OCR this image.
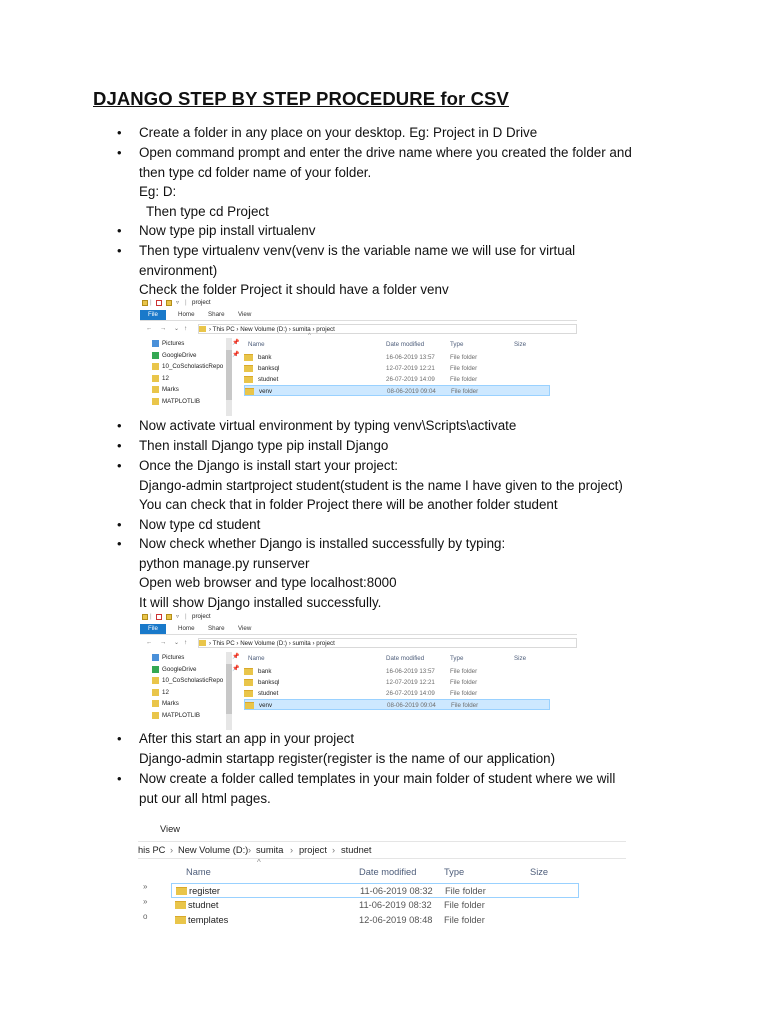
DJANGO STEP BY STEP PROCEDURE for CSV
• Create a folder in any place on your desktop. Eg: Project in D Drive
• Open command prompt and enter the drive name where you created the folder and
then type cd folder name of your folder.
Eg: D:
Then type cd Project
• Now type pip install virtualenv
• Then type virtualenv venv(venv is the variable name we will use for virtual
environment)
Check the folder Project it should have a folder venv
|	▿ | project
File	Home Share View
← → ⌄ ↑	› This PC › New Volume (D:) › sumita › project
Pictures	📌
GoogleDrive	📌
10_CoScholasticRepo
12
Marks
MATPLOTLIB
^
Name	Date modified	Type	Size
bank	16-06-2019 13:57 File folder
banksql	12-07-2019 12:21 File folder
studnet	26-07-2019 14:09 File folder
venv	08-06-2019 09:04 File folder
• Now activate virtual environment by typing venv\Scripts\activate
• Then install Django type pip install Django
• Once the Django is install start your project:
Django-admin startproject student(student is the name I have given to the project)
You can check that in folder Project there will be another folder student
• Now type cd student
• Now check whether Django is installed successfully by typing:
python manage.py runserver
Open web browser and type localhost:8000
It will show Django installed successfully.
|	▿ | project
File	Home Share View
← → ⌄ ↑	› This PC › New Volume (D:) › sumita › project
Pictures	📌
GoogleDrive	📌
10_CoScholasticRepo
12
Marks
MATPLOTLIB
Name	Date modified	Type	Size
bank	16-06-2019 13:57 File folder
banksql	12-07-2019 12:21 File folder
studnet	26-07-2019 14:09 File folder
venv	08-06-2019 09:04 File folder
• After this start an app in your project
Django-admin startapp register(register is the name of our application)
• Now create a folder called templates in your main folder of student where we will
put our all html pages.
View
his PC › New Volume (D:) › sumita › project › studnet
^
Name	Date modified	Type	Size
»
»
o
register	11-06-2019 08:32 File folder
studnet	11-06-2019 08:32 File folder
templates	12-06-2019 08:48 File folder
